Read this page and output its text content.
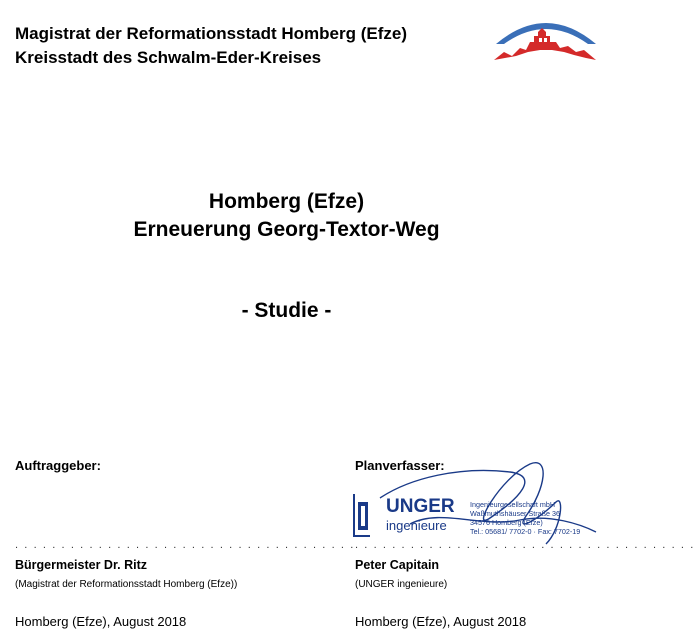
Magistrat der Reformationsstadt Homberg (Efze)
Kreisstadt des Schwalm-Eder-Kreises
Homberg (Efze)
Erneuerung Georg-Textor-Weg
- Studie -
Auftraggeber:
. . . . . . . . . . . . . . . . . . . . . . . . . . . . . . . . . . . . .
Bürgermeister Dr. Ritz
(Magistrat der Reformationsstadt Homberg (Efze))
Homberg (Efze), August 2018
Planverfasser:
UNGER
ingenieure
Ingenieurgesellschaft mbH
Waßmuthshäuser Straße 36
34576 Homberg (Efze)
Tel.: 05681/ 7702-0 · Fax: 7702-19
. . . . . . . . . . . . . . . . . . . . . . . . . . . . . . . . . . . . .
Peter Capitain
(UNGER ingenieure)
Homberg (Efze), August 2018
